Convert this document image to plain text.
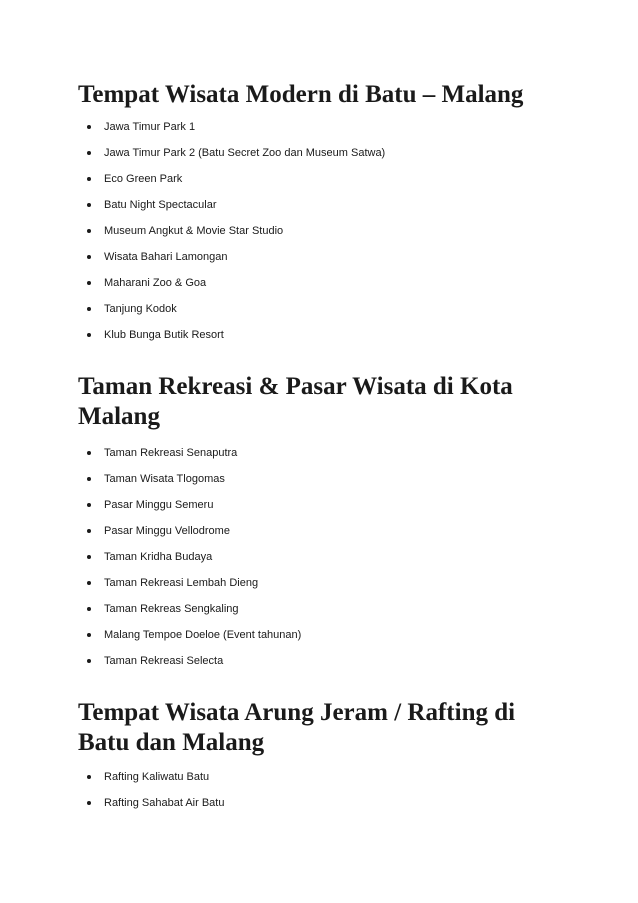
Tempat Wisata Modern di Batu – Malang
Jawa Timur Park 1
Jawa Timur Park 2 (Batu Secret Zoo dan Museum Satwa)
Eco Green Park
Batu Night Spectacular
Museum Angkut & Movie Star Studio
Wisata Bahari Lamongan
Maharani Zoo & Goa
Tanjung Kodok
Klub Bunga Butik Resort
Taman Rekreasi & Pasar Wisata di Kota
Malang
Taman Rekreasi Senaputra
Taman Wisata Tlogomas
Pasar Minggu Semeru
Pasar Minggu Vellodrome
Taman Kridha Budaya
Taman Rekreasi Lembah Dieng
Taman Rekreas Sengkaling
Malang Tempoe Doeloe (Event tahunan)
Taman Rekreasi Selecta
Tempat Wisata Arung Jeram / Rafting di
Batu dan Malang
Rafting Kaliwatu Batu
Rafting Sahabat Air Batu
